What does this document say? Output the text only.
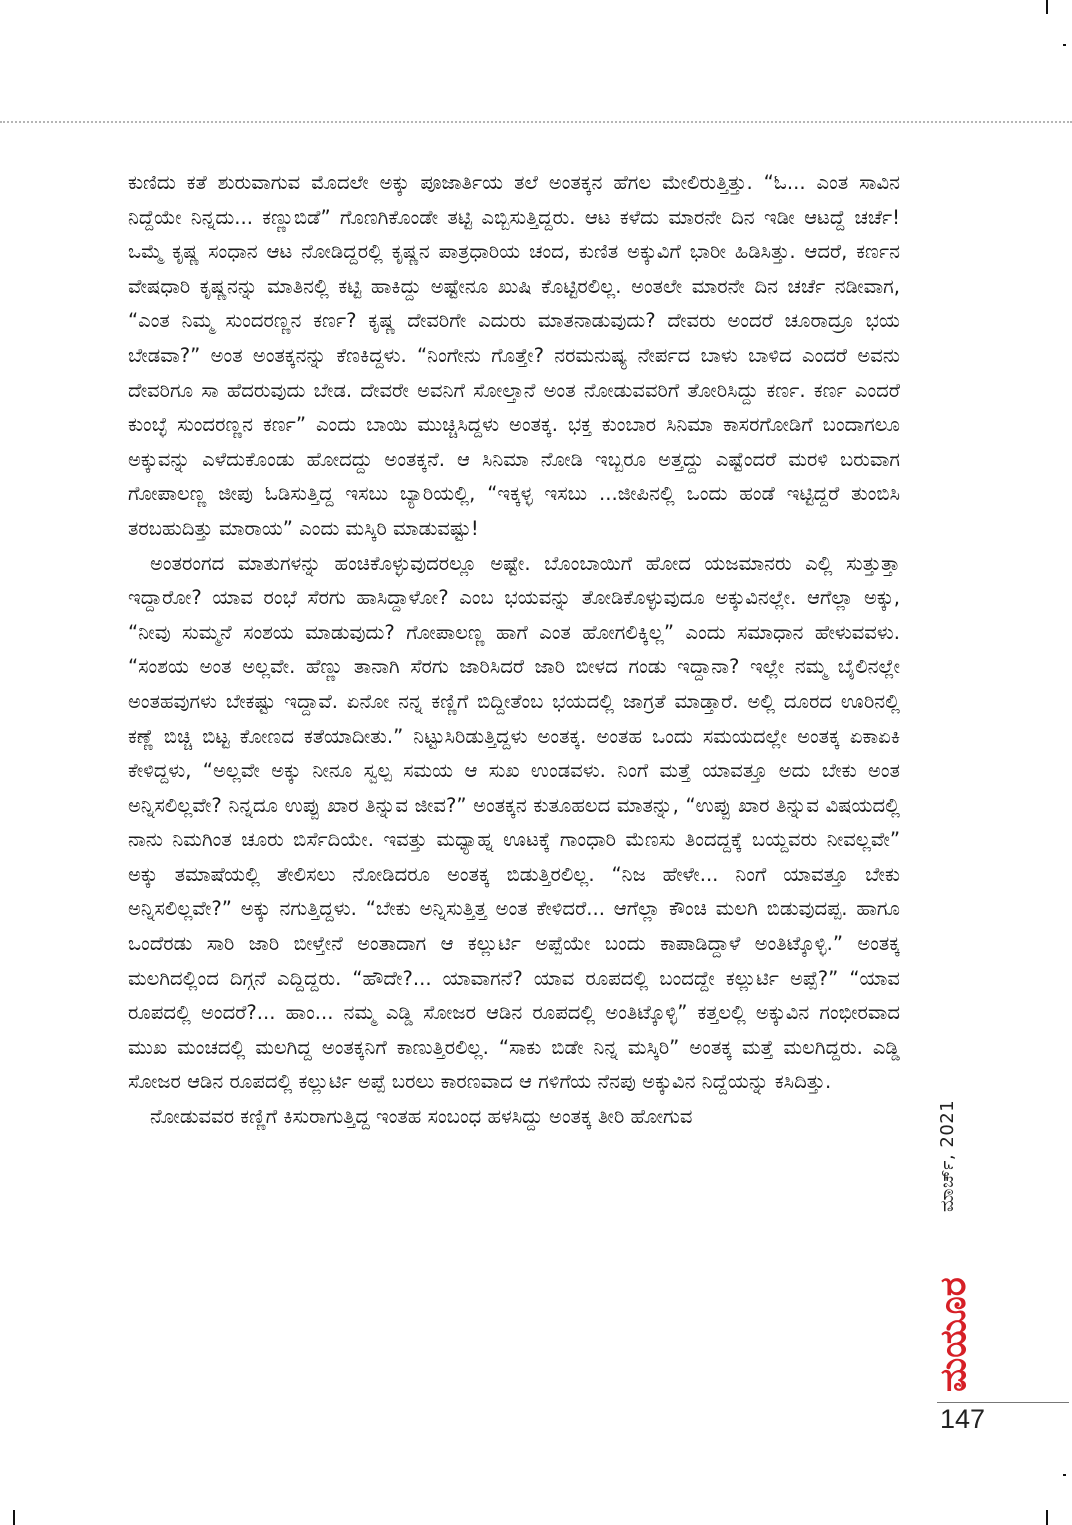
ಕುಣಿದು ಕತೆ ಶುರುವಾಗುವ ಮೊದಲೇ ಅಕ್ಕು ಪೂಜಾರ್ತಿಯ ತಲೆ ಅಂತಕ್ಕನ ಹೆಗಲ ಮೇಲಿರುತ್ತಿತ್ತು. “ಓ... ಎಂತ ಸಾವಿನ ನಿದ್ದೆಯೇ ನಿನ್ನದು... ಕಣ್ಣುಬಿಡೆ” ಗೊಣಗಿಕೊಂಡೇ ತಟ್ಟಿ ಎಬ್ಬಿಸುತ್ತಿದ್ದರು. ಆಟ ಕಳೆದು ಮಾರನೇ ದಿನ ಇಡೀ ಆಟದ್ದೆ ಚರ್ಚೆ! ಒಮ್ಮೆ ಕೃಷ್ಣ ಸಂಧಾನ ಆಟ ನೋಡಿದ್ದರಲ್ಲಿ ಕೃಷ್ಣನ ಪಾತ್ರಧಾರಿಯ ಚಂದ, ಕುಣಿತ ಅಕ್ಕುವಿಗೆ ಭಾರೀ ಹಿಡಿಸಿತ್ತು. ಆದರೆ, ಕರ್ಣನ ವೇಷಧಾರಿ ಕೃಷ್ಣನನ್ನು ಮಾತಿನಲ್ಲಿ ಕಟ್ಟಿ ಹಾಕಿದ್ದು ಅಷ್ಟೇನೂ ಖುಷಿ ಕೊಟ್ಟಿರಲಿಲ್ಲ. ಅಂತಲೇ ಮಾರನೇ ದಿನ ಚರ್ಚೆ ನಡೀವಾಗ, “ಎಂತ ನಿಮ್ಮ ಸುಂದರಣ್ಣನ ಕರ್ಣ? ಕೃಷ್ಣ ದೇವರಿಗೇ ಎದುರು ಮಾತನಾಡುವುದು? ದೇವರು ಅಂದರೆ ಚೂರಾದ್ರೂ ಭಯ ಬೇಡವಾ?” ಅಂತ ಅಂತಕ್ಕನನ್ನು ಕೆಣಕಿದ್ದಳು. “ನಿಂಗೇನು ಗೊತ್ತೇ? ನರಮನುಷ್ಯ ನೇರ್ಪದ ಬಾಳು ಬಾಳಿದ ಎಂದರೆ ಅವನು ದೇವರಿಗೂ ಸಾ ಹೆದರುವುದು ಬೇಡ. ದೇವರೇ ಅವನಿಗೆ ಸೋಲ್ತಾನೆ ಅಂತ ನೋಡುವವರಿಗೆ ತೋರಿಸಿದ್ದು ಕರ್ಣ. ಕರ್ಣ ಎಂದರೆ ಕುಂಬ್ಳೆ ಸುಂದರಣ್ಣನ ಕರ್ಣ” ಎಂದು ಬಾಯಿ ಮುಚ್ಚಿಸಿದ್ದಳು ಅಂತಕ್ಕ. ಭಕ್ತ ಕುಂಬಾರ ಸಿನಿಮಾ ಕಾಸರಗೋಡಿಗೆ ಬಂದಾಗಲೂ ಅಕ್ಕುವನ್ನು ಎಳೆದುಕೊಂಡು ಹೋದದ್ದು ಅಂತಕ್ಕನೆ. ಆ ಸಿನಿಮಾ ನೋಡಿ ಇಬ್ಬರೂ ಅತ್ತದ್ದು ಎಷ್ಟೆಂದರೆ ಮರಳಿ ಬರುವಾಗ ಗೋಪಾಲಣ್ಣ ಜೀಪು ಓಡಿಸುತ್ತಿದ್ದ ಇಸಬು ಬ್ಯಾರಿಯಲ್ಲಿ, “ಇಕ್ಕಳ್ಳ ಇಸಬು ...ಜೀಪಿನಲ್ಲಿ ಒಂದು ಹಂಡೆ ಇಟ್ಟಿದ್ದರೆ ತುಂಬಿಸಿ ತರಬಹುದಿತ್ತು ಮಾರಾಯ” ಎಂದು ಮಸ್ಕಿರಿ ಮಾಡುವಷ್ಟು!

ಅಂತರಂಗದ ಮಾತುಗಳನ್ನು ಹಂಚಿಕೊಳ್ಳುವುದರಲ್ಲೂ ಅಷ್ಟೇ. ಬೊಂಬಾಯಿಗೆ ಹೋದ ಯಜಮಾನರು ಎಲ್ಲಿ ಸುತ್ತುತ್ತಾ ಇದ್ದಾರೋ? ಯಾವ ರಂಭೆ ಸೆರಗು ಹಾಸಿದ್ದಾಳೋ? ಎಂಬ ಭಯವನ್ನು ತೋಡಿಕೊಳ್ಳುವುದೂ ಅಕ್ಕುವಿನಲ್ಲೇ. ಆಗೆಲ್ಲಾ ಅಕ್ಕು, “ನೀವು ಸುಮ್ಮನೆ ಸಂಶಯ ಮಾಡುವುದು? ಗೋಪಾಲಣ್ಣ ಹಾಗೆ ಎಂತ ಹೋಗಲಿಕ್ಕಿಲ್ಲ” ಎಂದು ಸಮಾಧಾನ ಹೇಳುವವಳು. “ಸಂಶಯ ಅಂತ ಅಲ್ಲವೇ. ಹೆಣ್ಣು ತಾನಾಗಿ ಸೆರಗು ಜಾರಿಸಿದರೆ ಜಾರಿ ಬೀಳದ ಗಂಡು ಇದ್ದಾನಾ? ಇಲ್ಲೇ ನಮ್ಮ ಬೈಲಿನಲ್ಲೇ ಅಂತಹವುಗಳು ಬೇಕಷ್ಟು ಇದ್ದಾವೆ. ಏನೋ ನನ್ನ ಕಣ್ಣಿಗೆ ಬಿದ್ದೀತೆಂಬ ಭಯದಲ್ಲಿ ಜಾಗ್ರತೆ ಮಾಡ್ತಾರೆ. ಅಲ್ಲಿ ದೂರದ ಊರಿನಲ್ಲಿ ಕಣ್ಣೆ ಬಿಚ್ಚಿ ಬಿಟ್ಟ ಕೋಣದ ಕತೆಯಾದೀತು.” ನಿಟ್ಟುಸಿರಿಡುತ್ತಿದ್ದಳು ಅಂತಕ್ಕ. ಅಂತಹ ಒಂದು ಸಮಯದಲ್ಲೇ ಅಂತಕ್ಕ ಏಕಾಏಕಿ ಕೇಳಿದ್ದಳು, “ಅಲ್ಲವೇ ಅಕ್ಕು ನೀನೂ ಸ್ವಲ್ಪ ಸಮಯ ಆ ಸುಖ ಉಂಡವಳು. ನಿಂಗೆ ಮತ್ತೆ ಯಾವತ್ತೂ ಅದು ಬೇಕು ಅಂತ ಅನ್ನಿಸಲಿಲ್ಲವೇ? ನಿನ್ನದೂ ಉಪ್ಪು ಖಾರ ತಿನ್ನುವ ಜೀವ?” ಅಂತಕ್ಕನ ಕುತೂಹಲದ ಮಾತನ್ನು, “ಉಪ್ಪು ಖಾರ ತಿನ್ನುವ ವಿಷಯದಲ್ಲಿ ನಾನು ನಿಮಗಿಂತ ಚೂರು ಬಿರ್ಸೆದಿಯೇ. ಇವತ್ತು ಮಧ್ಯಾಹ್ನ ಊಟಕ್ಕೆ ಗಾಂಧಾರಿ ಮೆಣಸು ತಿಂದದ್ದಕ್ಕೆ ಬಯ್ದವರು ನೀವಲ್ಲವೇ” ಅಕ್ಕು ತಮಾಷೆಯಲ್ಲಿ ತೇಲಿಸಲು ನೋಡಿದರೂ ಅಂತಕ್ಕ ಬಿಡುತ್ತಿರಲಿಲ್ಲ. “ನಿಜ ಹೇಳೇ... ನಿಂಗೆ ಯಾವತ್ತೂ ಬೇಕು ಅನ್ನಿಸಲಿಲ್ಲವೇ?” ಅಕ್ಕು ನಗುತ್ತಿದ್ದಳು. “ಬೇಕು ಅನ್ನಿಸುತ್ತಿತ್ತ ಅಂತ ಕೇಳಿದರೆ... ಆಗೆಲ್ಲಾ ಕೌಂಚಿ ಮಲಗಿ ಬಿಡುವುದಪ್ಪ. ಹಾಗೂ ಒಂದೆರಡು ಸಾರಿ ಜಾರಿ ಬೀಳ್ತೇನೆ ಅಂತಾದಾಗ ಆ ಕಲ್ಲುರ್ಟಿ ಅಪ್ಪೆಯೇ ಬಂದು ಕಾಪಾಡಿದ್ದಾಳೆ ಅಂತಿಟ್ಕೊಳ್ಳಿ.” ಅಂತಕ್ಕ ಮಲಗಿದಲ್ಲಿಂದ ದಿಗ್ಗನೆ ಎದ್ದಿದ್ದರು. “ಹೌದೇ?... ಯಾವಾಗನೆ? ಯಾವ ರೂಪದಲ್ಲಿ ಬಂದದ್ದೇ ಕಲ್ಲುರ್ಟಿ ಅಪ್ಪೆ?” “ಯಾವ ರೂಪದಲ್ಲಿ ಅಂದರೆ?... ಹಾಂ... ನಮ್ಮ ಎಡ್ಡಿ ಸೋಜರ ಆಡಿನ ರೂಪದಲ್ಲಿ ಅಂತಿಟ್ಕೊಳ್ಳಿ” ಕತ್ತಲಲ್ಲಿ ಅಕ್ಕುವಿನ ಗಂಭೀರವಾದ ಮುಖ ಮಂಚದಲ್ಲಿ ಮಲಗಿದ್ದ ಅಂತಕ್ಕನಿಗೆ ಕಾಣುತ್ತಿರಲಿಲ್ಲ. “ಸಾಕು ಬಿಡೇ ನಿನ್ನ ಮಸ್ಕಿರಿ” ಅಂತಕ್ಕ ಮತ್ತೆ ಮಲಗಿದ್ದರು. ಎಡ್ಡಿ ಸೋಜರ ಆಡಿನ ರೂಪದಲ್ಲಿ ಕಲ್ಲುರ್ಟಿ ಅಪ್ಪೆ ಬರಲು ಕಾರಣವಾದ ಆ ಗಳಿಗೆಯ ನೆನಪು ಅಕ್ಕುವಿನ ನಿದ್ದೆಯನ್ನು ಕಸಿದಿತ್ತು.

ನೋಡುವವರ ಕಣ್ಣಿಗೆ ಕಿಸುರಾಗುತ್ತಿದ್ದ ಇಂತಹ ಸಂಬಂಧ ಹಳಸಿದ್ದು ಅಂತಕ್ಕ ತೀರಿ ಹೋಗುವ	ಮಾರ್ಚ್, 2021
ಮಯೂರ
147
